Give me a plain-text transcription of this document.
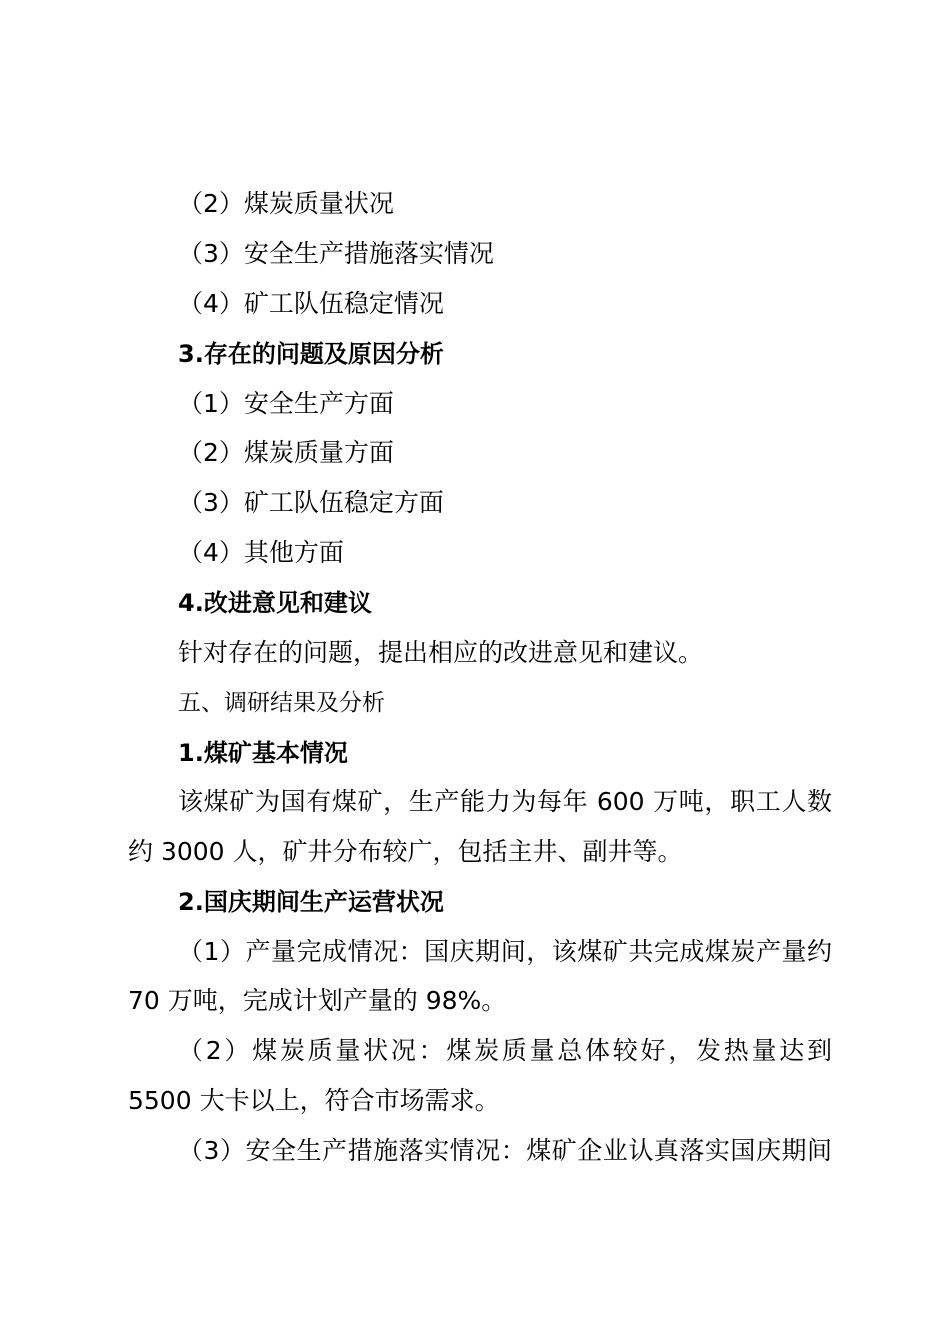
（2）煤炭质量状况
（3）安全生产措施落实情况
（4）矿工队伍稳定情况
3.存在的问题及原因分析
（1）安全生产方面
（2）煤炭质量方面
（3）矿工队伍稳定方面
（4）其他方面
4.改进意见和建议
针对存在的问题，提出相应的改进意见和建议。
五、调研结果及分析
1.煤矿基本情况
该煤矿为国有煤矿，生产能力为每年 600 万吨，职工人数
约 3000 人，矿井分布较广，包括主井、副井等。
2.国庆期间生产运营状况
（1）产量完成情况：国庆期间，该煤矿共完成煤炭产量约
70 万吨，完成计划产量的 98%。
（2）煤炭质量状况：煤炭质量总体较好，发热量达到
5500 大卡以上，符合市场需求。
（3）安全生产措施落实情况：煤矿企业认真落实国庆期间
